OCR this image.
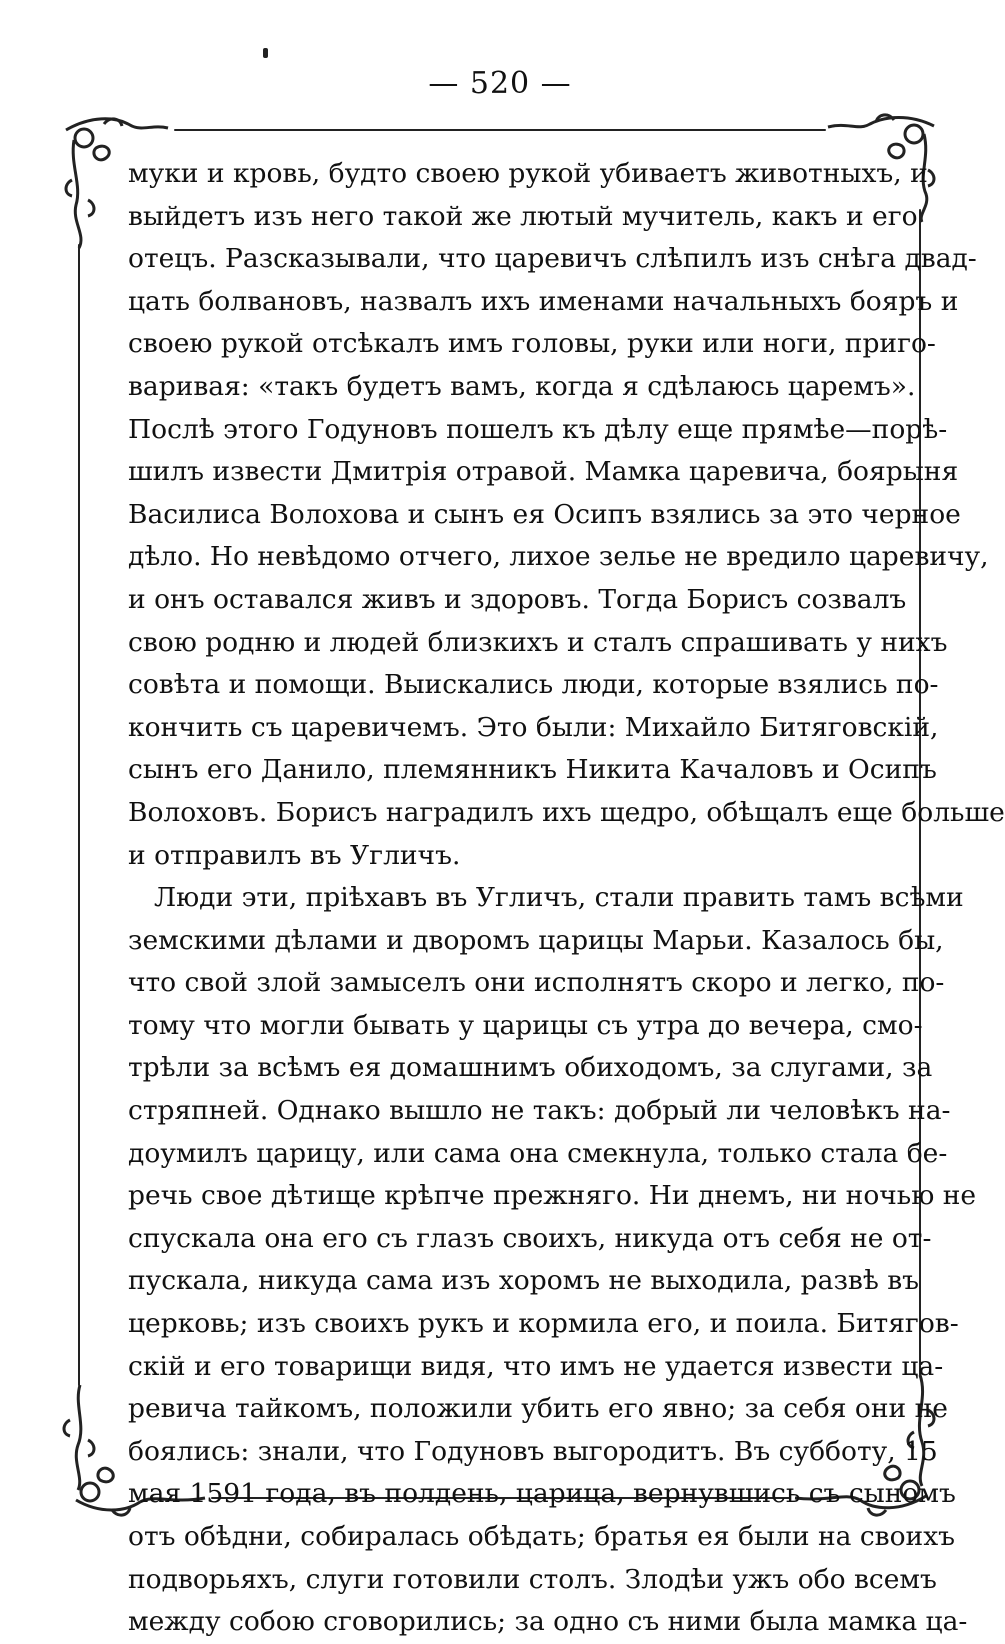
— 520 —
муки и кровь, будто своею рукой убиваетъ животныхъ, и
выйдетъ изъ него такой же лютый мучитель, какъ и его
отецъ. Разсказывали, что царевичъ слѣпилъ изъ снѣга двад-
цать болвановъ, назвалъ ихъ именами начальныхъ бояръ и
своею рукой отсѣкалъ имъ головы, руки или ноги, приго-
варивая: «такъ будетъ вамъ, когда я сдѣлаюсь царемъ».
Послѣ этого Годуновъ пошелъ къ дѣлу еще прямѣе—порѣ-
шилъ извести Дмитрія отравой. Мамка царевича, боярыня
Василиса Волохова и сынъ ея Осипъ взялись за это черное
дѣло. Но невѣдомо отчего, лихое зелье не вредило царевичу,
и онъ оставался живъ и здоровъ. Тогда Борисъ созвалъ
свою родню и людей близкихъ и сталъ спрашивать у нихъ
совѣта и помощи. Выискались люди, которые взялись по-
кончить съ царевичемъ. Это были: Михайло Битяговскій,
сынъ его Данило, племянникъ Никита Качаловъ и Осипъ
Волоховъ. Борисъ наградилъ ихъ щедро, обѣщалъ еще больше
и отправилъ въ Угличъ.
Люди эти, пріѣхавъ въ Угличъ, стали править тамъ всѣми
земскими дѣлами и дворомъ царицы Марьи. Казалось бы,
что свой злой замыселъ они исполнятъ скоро и легко, по-
тому что могли бывать у царицы съ утра до вечера, смо-
трѣли за всѣмъ ея домашнимъ обиходомъ, за слугами, за
стряпней. Однако вышло не такъ: добрый ли человѣкъ на-
доумилъ царицу, или сама она смекнула, только стала бе-
речь свое дѣтище крѣпче прежняго. Ни днемъ, ни ночью не
спускала она его съ глазъ своихъ, никуда отъ себя не от-
пускала, никуда сама изъ хоромъ не выходила, развѣ въ
церковь; изъ своихъ рукъ и кормила его, и поила. Битягов-
скій и его товарищи видя, что имъ не удается извести ца-
ревича тайкомъ, положили убить его явно; за себя они не
боялись: знали, что Годуновъ выгородитъ. Въ субботу, 15
мая 1591 года, въ полдень, царица, вернувшись съ сыномъ
отъ обѣдни, собиралась обѣдать; братья ея были на своихъ
подворьяхъ, слуги готовили столъ. Злодѣи ужъ обо всемъ
между собою сговорились; за одно съ ними была мамка ца-
